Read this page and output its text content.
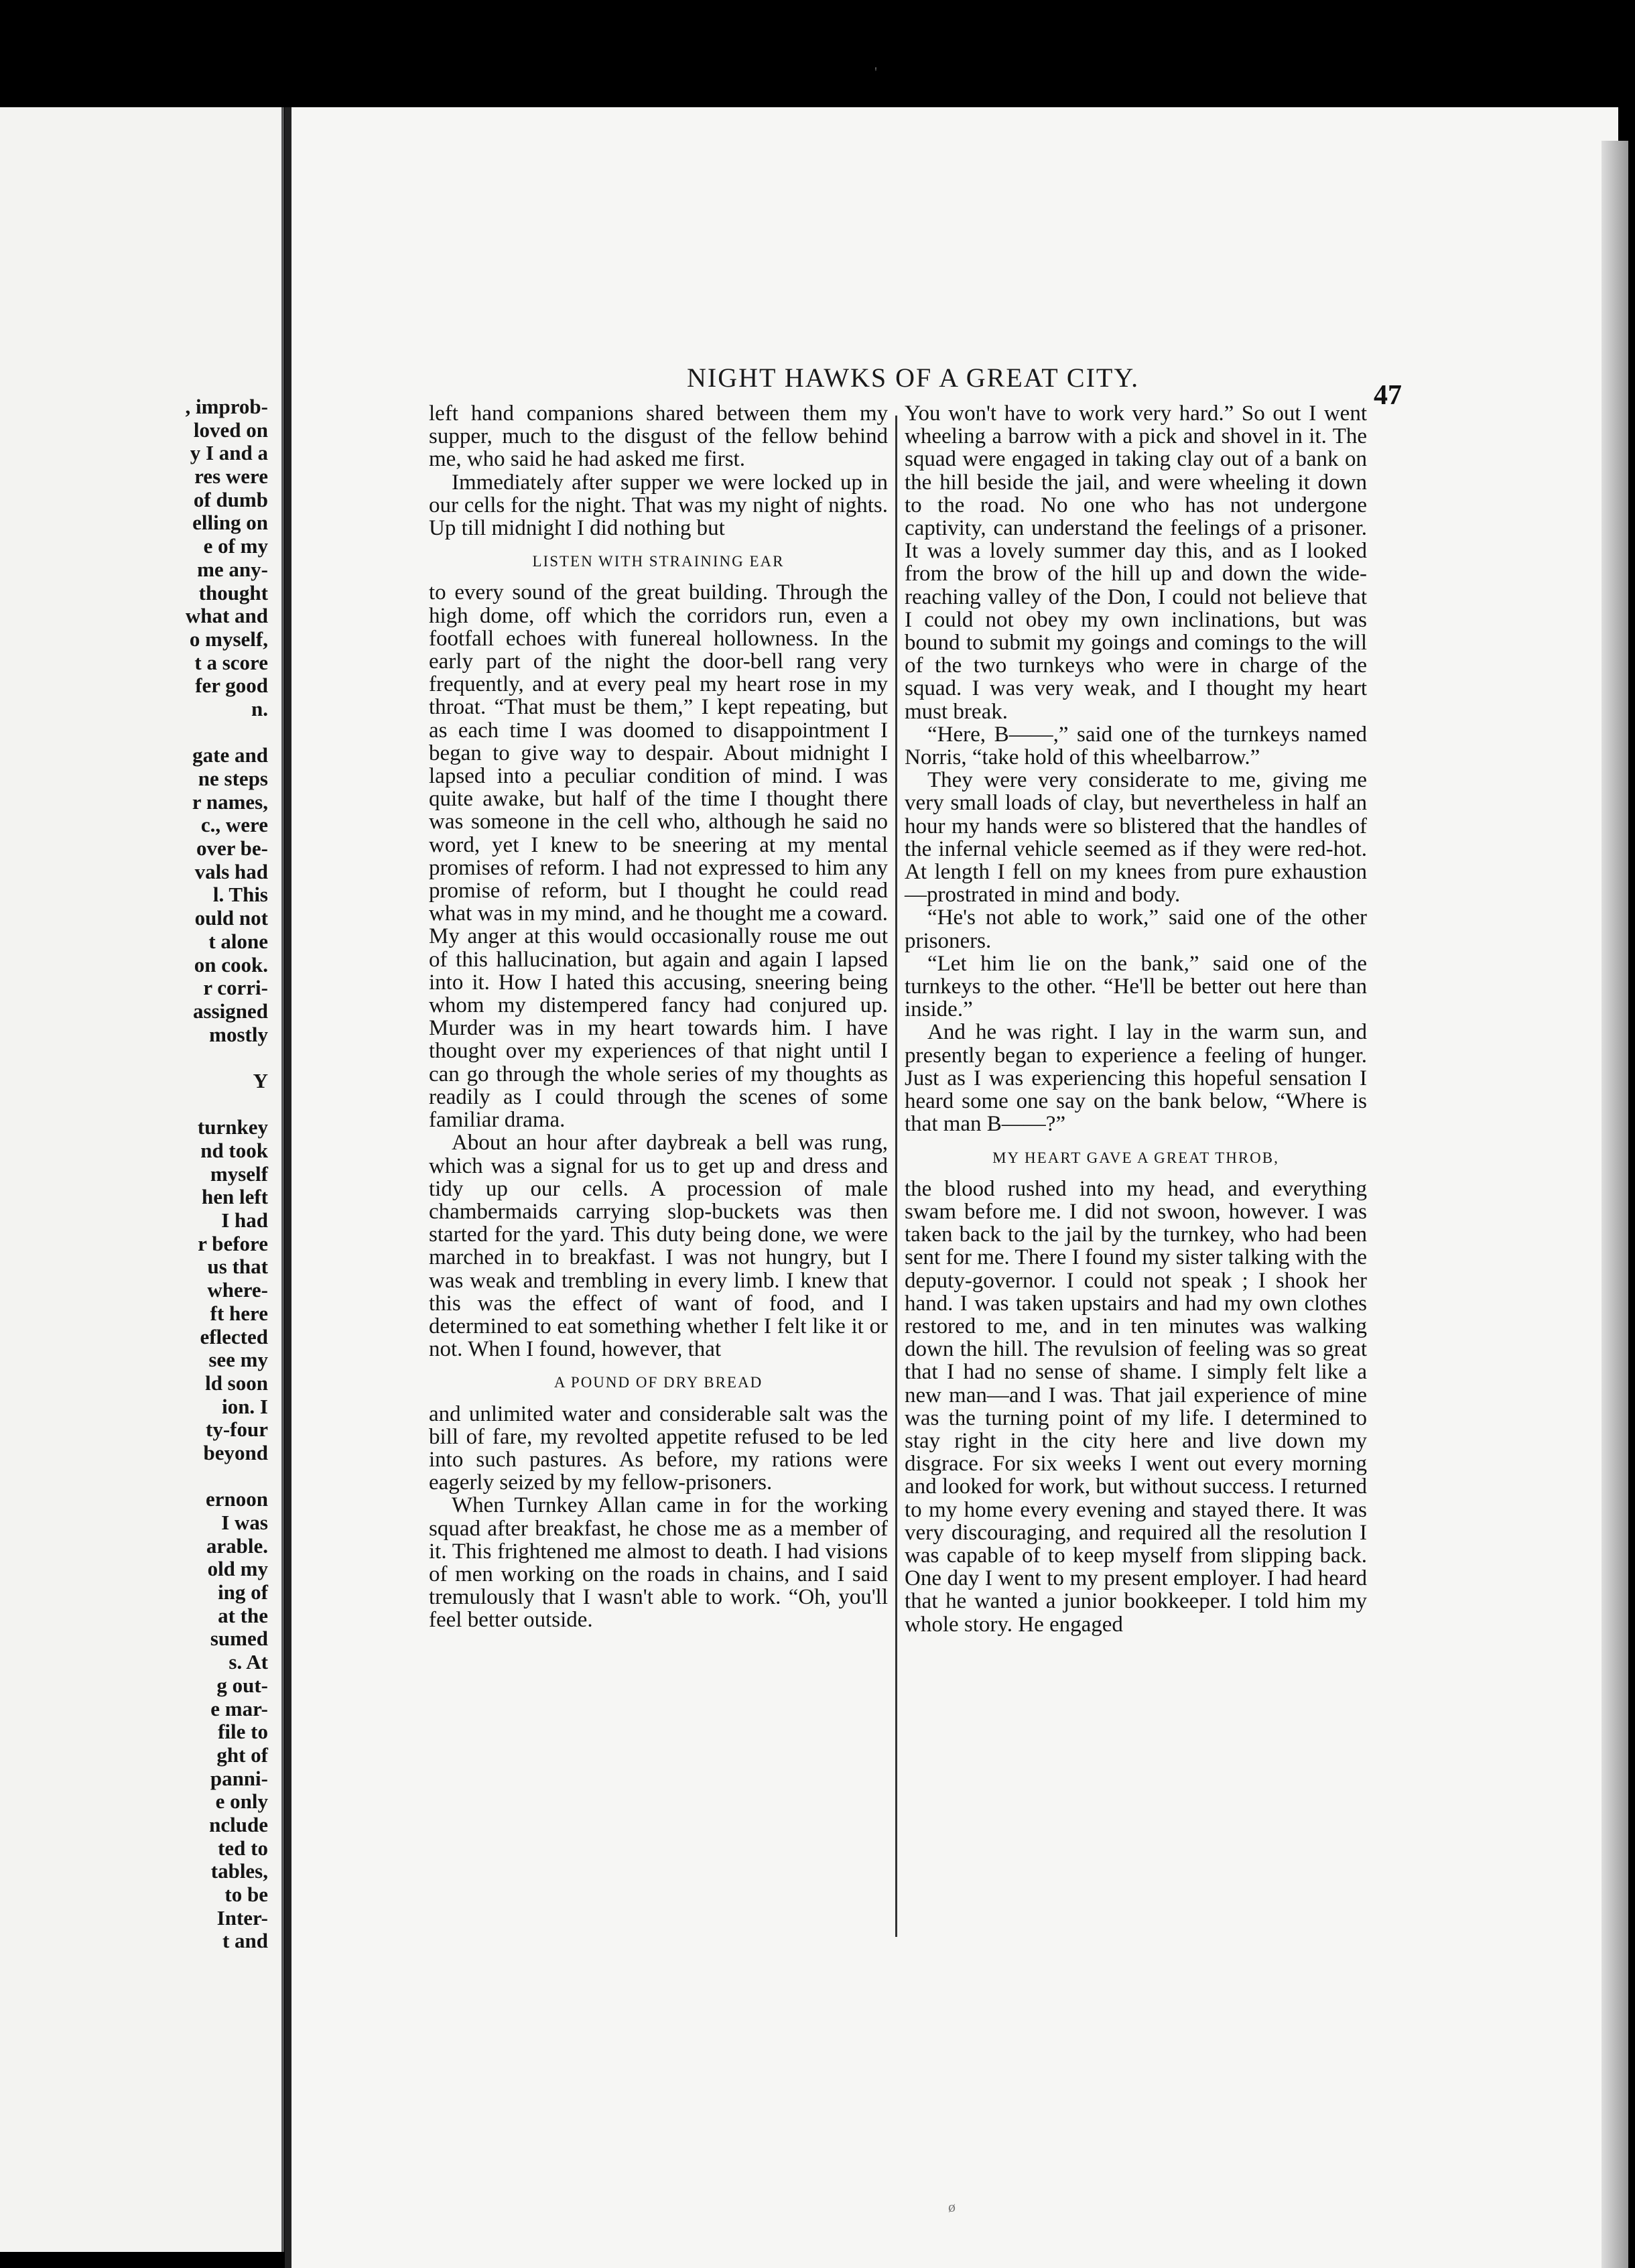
, improb-
loved on
y I and a
res were
of dumb
elling on
e of my
me any-
thought
what and
o myself,
t a score
fer good
n.
gate and
ne steps
r names,
c., were
over be-
vals had
l. This
ould not
t alone
on cook.
r corri-
assigned
mostly
Y
turnkey
nd took
myself
hen left
I had
r before
us that
where-
ft here
eflected
see my
ld soon
ion. I
ty-four
beyond
ernoon
I was
arable.
old my
ing of
at the
sumed
s. At
g out-
e mar-
file to
ght of
panni-
e only
nclude
ted to
tables,
to be
Inter-
t and
'
NIGHT HAWKS OF A GREAT CITY.
47

left hand companions shared between them my supper, much to the disgust of the fellow behind me, who said he had asked me first.

Immediately after supper we were locked up in our cells for the night. That was my night of nights. Up till midnight I did nothing but

LISTEN WITH STRAINING EAR

to every sound of the great building. Through the high dome, off which the corridors run, even a footfall echoes with funereal hollowness. In the early part of the night the door-bell rang very frequently, and at every peal my heart rose in my throat. “That must be them,” I kept repeating, but as each time I was doomed to disappointment I began to give way to despair. About midnight I lapsed into a peculiar condition of mind. I was quite awake, but half of the time I thought there was someone in the cell who, although he said no word, yet I knew to be sneering at my mental promises of reform. I had not expressed to him any promise of reform, but I thought he could read what was in my mind, and he thought me a coward. My anger at this would occasionally rouse me out of this hallucination, but again and again I lapsed into it. How I hated this accusing, sneering being whom my distempered fancy had conjured up. Murder was in my heart towards him. I have thought over my experiences of that night until I can go through the whole series of my thoughts as readily as I could through the scenes of some familiar drama.

About an hour after daybreak a bell was rung, which was a signal for us to get up and dress and tidy up our cells. A procession of male chambermaids carrying slop-buckets was then started for the yard. This duty being done, we were marched in to breakfast. I was not hungry, but I was weak and trembling in every limb. I knew that this was the effect of want of food, and I determined to eat something whether I felt like it or not. When I found, however, that

A POUND OF DRY BREAD

and unlimited water and considerable salt was the bill of fare, my revolted appetite refused to be led into such pastures. As before, my rations were eagerly seized by my fellow-prisoners.

When Turnkey Allan came in for the working squad after breakfast, he chose me as a member of it. This frightened me almost to death. I had visions of men working on the roads in chains, and I said tremulously that I wasn't able to work. “Oh, you'll feel better outside.

You won't have to work very hard.” So out I went wheeling a barrow with a pick and shovel in it. The squad were engaged in taking clay out of a bank on the hill beside the jail, and were wheeling it down to the road. No one who has not undergone captivity, can understand the feelings of a prisoner. It was a lovely summer day this, and as I looked from the brow of the hill up and down the wide-reaching valley of the Don, I could not believe that I could not obey my own inclinations, but was bound to submit my goings and comings to the will of the two turnkeys who were in charge of the squad. I was very weak, and I thought my heart must break.

“Here, B——,” said one of the turnkeys named Norris, “take hold of this wheelbarrow.”

They were very considerate to me, giving me very small loads of clay, but nevertheless in half an hour my hands were so blistered that the handles of the infernal vehicle seemed as if they were red-hot. At length I fell on my knees from pure exhaustion—prostrated in mind and body.

“He's not able to work,” said one of the other prisoners.

“Let him lie on the bank,” said one of the turnkeys to the other. “He'll be better out here than inside.”

And he was right. I lay in the warm sun, and presently began to experience a feeling of hunger. Just as I was experiencing this hopeful sensation I heard some one say on the bank below, “Where is that man B——?”

MY HEART GAVE A GREAT THROB,

the blood rushed into my head, and everything swam before me. I did not swoon, however. I was taken back to the jail by the turnkey, who had been sent for me. There I found my sister talking with the deputy-governor. I could not speak ; I shook her hand. I was taken upstairs and had my own clothes restored to me, and in ten minutes was walking down the hill. The revulsion of feeling was so great that I had no sense of shame. I simply felt like a new man—and I was. That jail experience of mine was the turning point of my life. I determined to stay right in the city here and live down my disgrace. For six weeks I went out every morning and looked for work, but without success. I returned to my home every evening and stayed there. It was very discouraging, and required all the resolution I was capable of to keep myself from slipping back. One day I went to my present employer. I had heard that he wanted a junior bookkeeper. I told him my whole story. He engaged

ø
